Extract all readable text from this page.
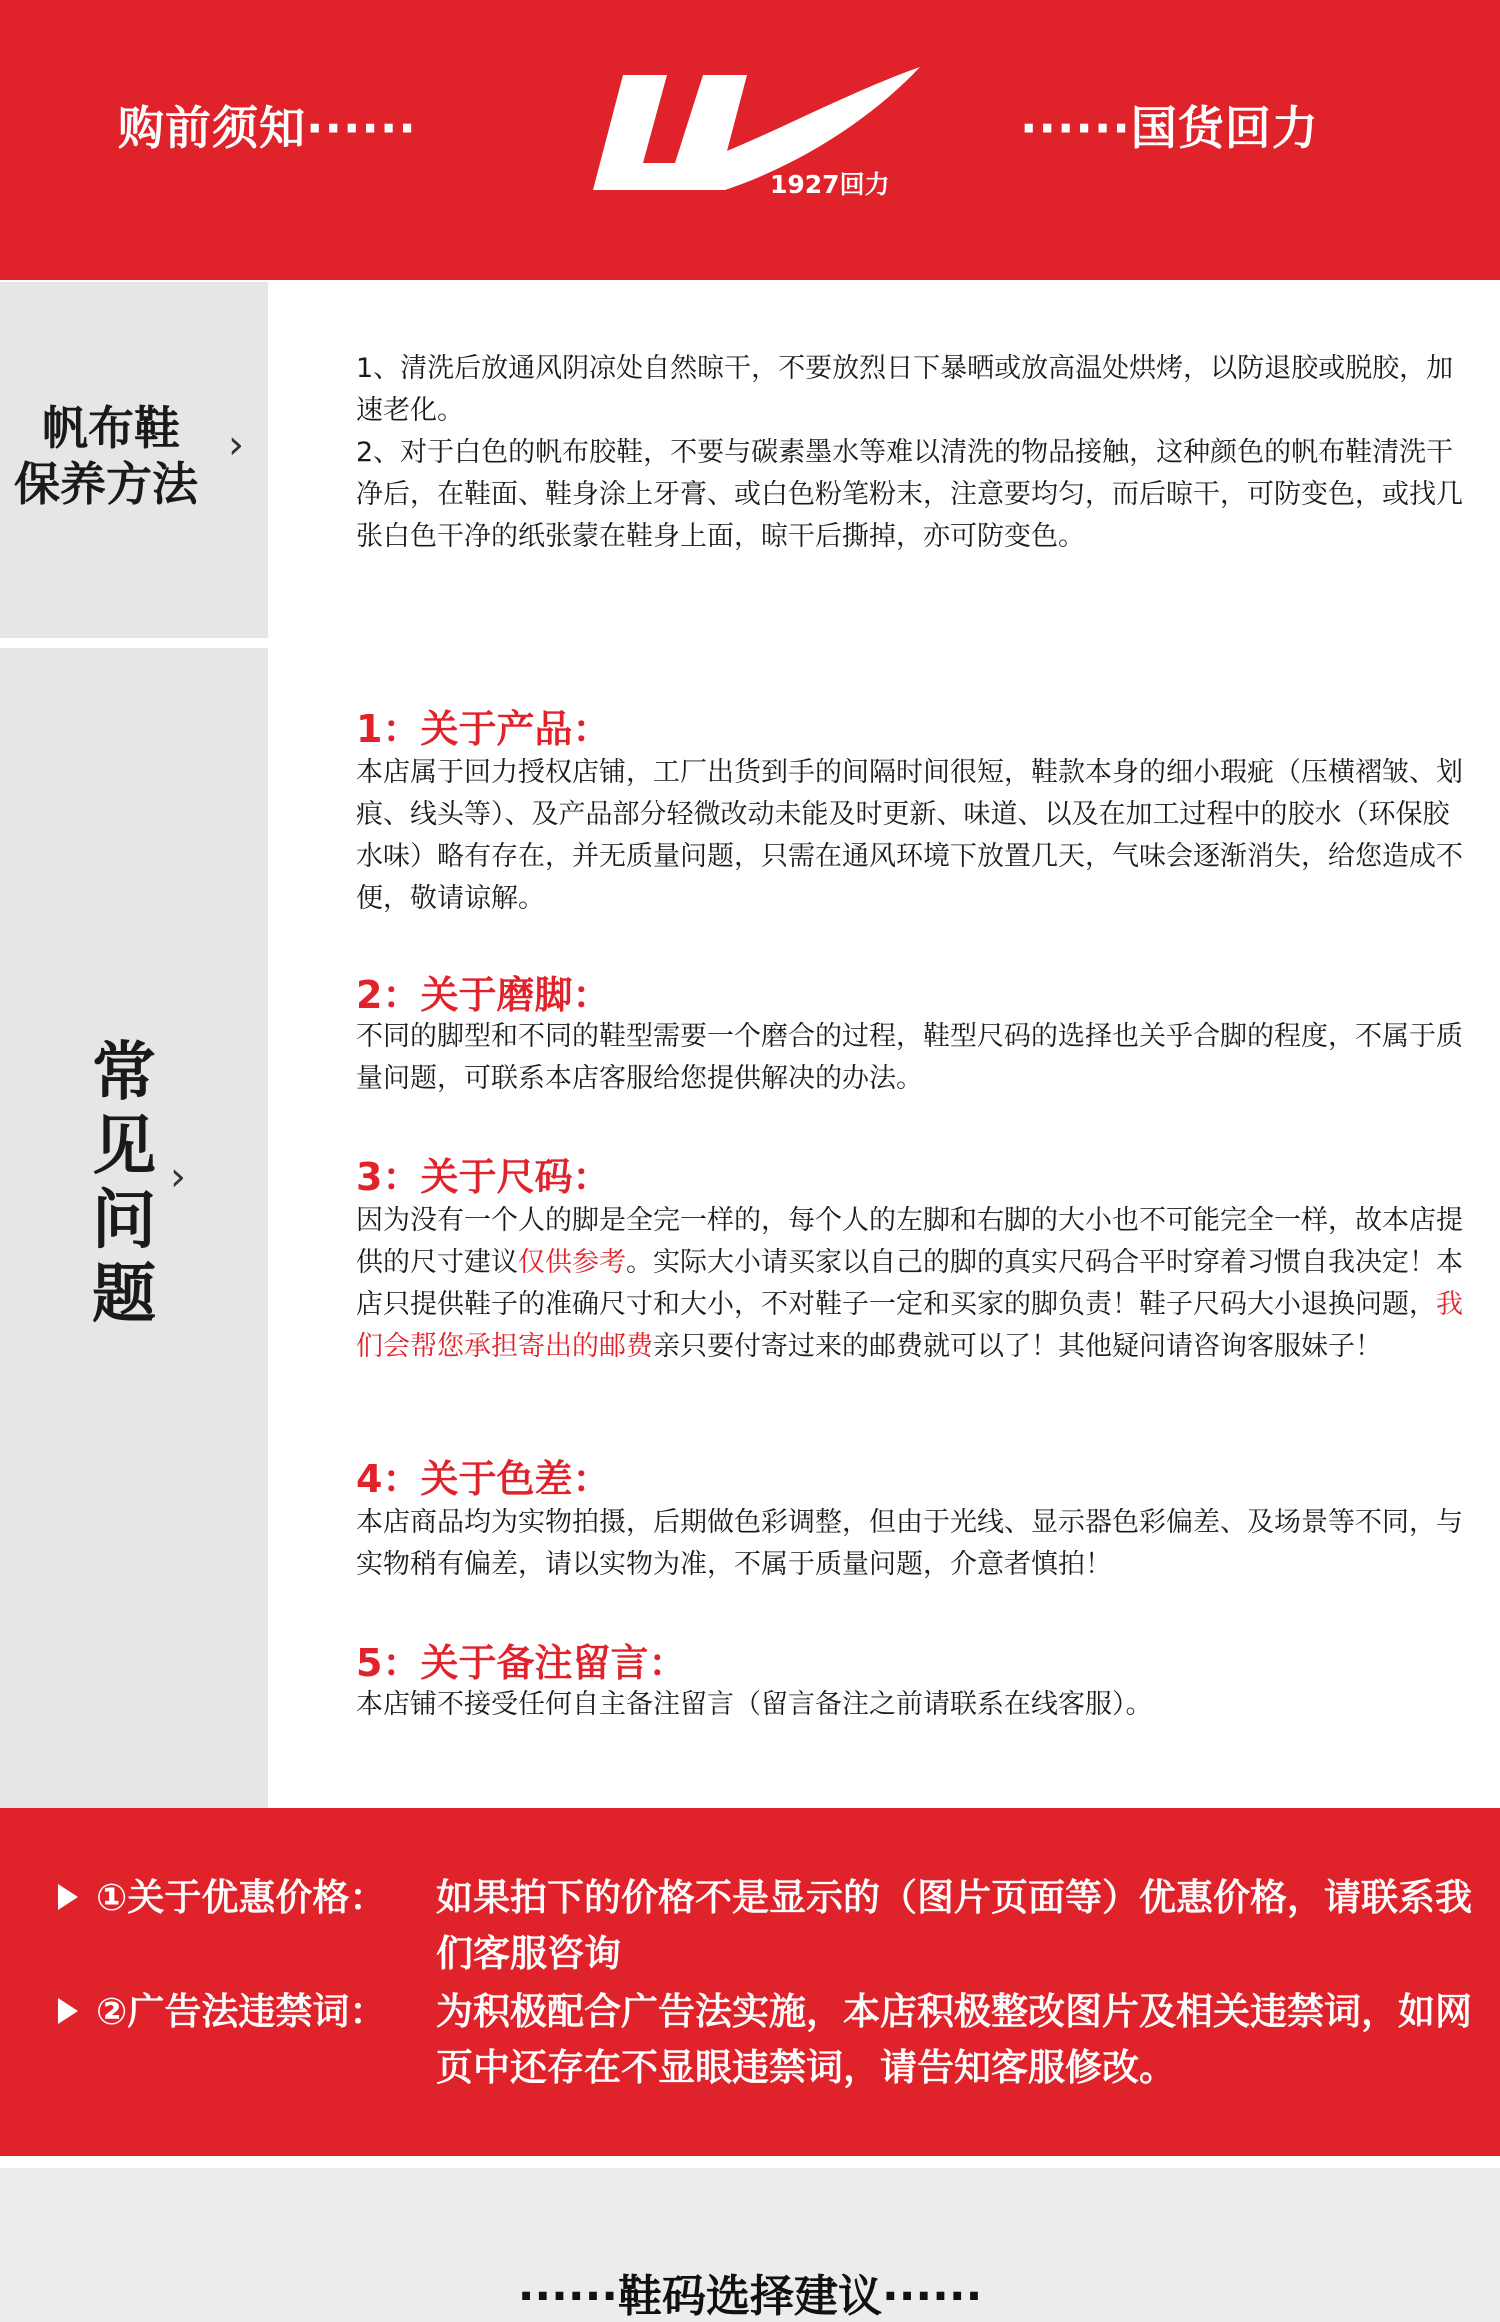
购前须知······
1927回力
······国货回力
帆布鞋
保养方法
›
1、清洗后放通风阴凉处自然晾干，不要放烈日下暴晒或放高温处烘烤，以防退胶或脱胶，加速老化。
2、对于白色的帆布胶鞋，不要与碳素墨水等难以清洗的物品接触，这种颜色的帆布鞋清洗干净后，在鞋面、鞋身涂上牙膏、或白色粉笔粉末，注意要均匀，而后晾干，可防变色，或找几张白色干净的纸张蒙在鞋身上面，晾干后撕掉，亦可防变色。
常见问题
›
1：关于产品：
本店属于回力授权店铺，工厂出货到手的间隔时间很短，鞋款本身的细小瑕疵（压横褶皱、划痕、线头等）、及产品部分轻微改动未能及时更新、味道、以及在加工过程中的胶水（环保胶水味）略有存在，并无质量问题，只需在通风环境下放置几天，气味会逐渐消失，给您造成不便，敬请谅解。
2：关于磨脚：
不同的脚型和不同的鞋型需要一个磨合的过程，鞋型尺码的选择也关乎合脚的程度，不属于质量问题，可联系本店客服给您提供解决的办法。
3：关于尺码：
因为没有一个人的脚是全完一样的，每个人的左脚和右脚的大小也不可能完全一样，故本店提供的尺寸建议仅供参考。实际大小请买家以自己的脚的真实尺码合平时穿着习惯自我决定！本店只提供鞋子的准确尺寸和大小，不对鞋子一定和买家的脚负责！鞋子尺码大小退换问题，我们会帮您承担寄出的邮费亲只要付寄过来的邮费就可以了！其他疑问请咨询客服妹子！
4：关于色差：
本店商品均为实物拍摄，后期做色彩调整，但由于光线、显示器色彩偏差、及场景等不同，与实物稍有偏差，请以实物为准，不属于质量问题，介意者慎拍！
5：关于备注留言：
本店铺不接受任何自主备注留言（留言备注之前请联系在线客服）。
①关于优惠价格： 如果拍下的价格不是显示的（图片页面等）优惠价格，请联系我们客服咨询
②广告法违禁词： 为积极配合广告法实施，本店积极整改图片及相关违禁词，如网页中还存在不显眼违禁词，请告知客服修改。
······鞋码选择建议······
